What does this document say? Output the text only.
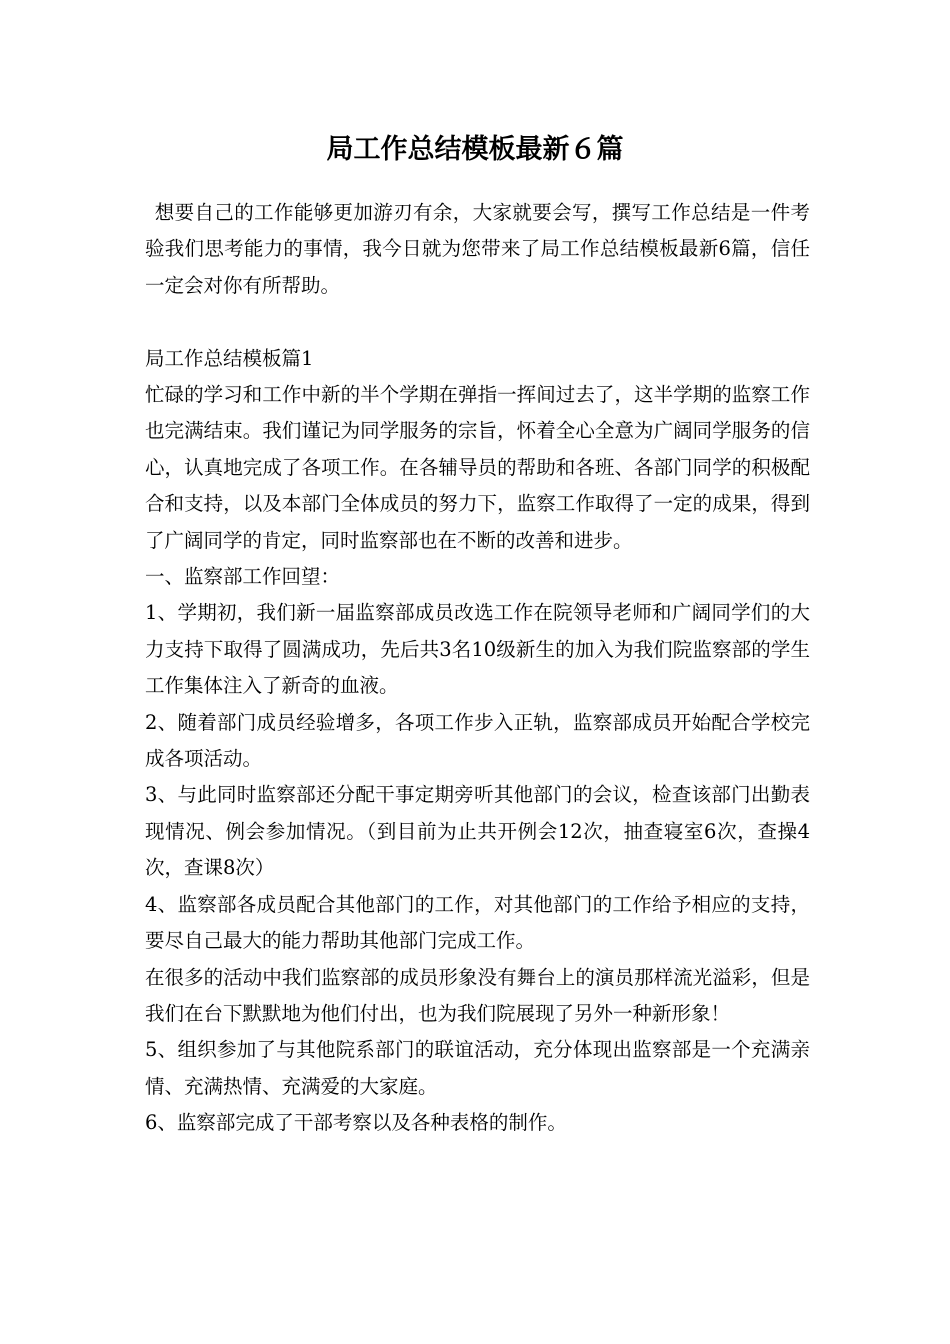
局工作总结模板最新６篇

想要自己的工作能够更加游刃有余，大家就要会写，撰写工作总结是一件考验我们思考能力的事情，我今日就为您带来了局工作总结模板最新6篇，信任一定会对你有所帮助。

局工作总结模板篇1

忙碌的学习和工作中新的半个学期在弹指一挥间过去了，这半学期的监察工作也完满结束。我们谨记为同学服务的宗旨，怀着全心全意为广阔同学服务的信心，认真地完成了各项工作。在各辅导员的帮助和各班、各部门同学的积极配合和支持，以及本部门全体成员的努力下，监察工作取得了一定的成果，得到了广阔同学的肯定，同时监察部也在不断的改善和进步。

一、监察部工作回望：

1、学期初，我们新一届监察部成员改选工作在院领导老师和广阔同学们的大力支持下取得了圆满成功，先后共3名10级新生的加入为我们院监察部的学生工作集体注入了新奇的血液。

2、随着部门成员经验增多，各项工作步入正轨，监察部成员开始配合学校完成各项活动。

3、与此同时监察部还分配干事定期旁听其他部门的会议，检查该部门出勤表现情况、例会参加情况。（到目前为止共开例会12次，抽查寝室6次，查操4次，查课8次）

4、监察部各成员配合其他部门的工作，对其他部门的工作给予相应的支持，要尽自己最大的能力帮助其他部门完成工作。

在很多的活动中我们监察部的成员形象没有舞台上的演员那样流光溢彩，但是我们在台下默默地为他们付出，也为我们院展现了另外一种新形象！

5、组织参加了与其他院系部门的联谊活动，充分体现出监察部是一个充满亲情、充满热情、充满爱的大家庭。

6、监察部完成了干部考察以及各种表格的制作。
